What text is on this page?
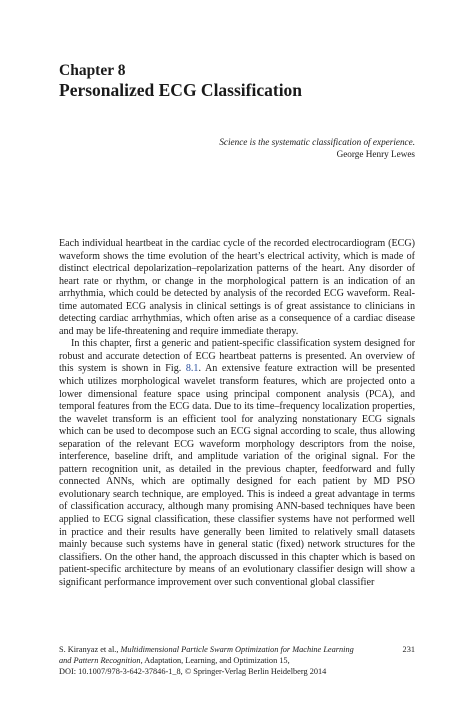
Chapter 8
Personalized ECG Classification
Science is the systematic classification of experience.
George Henry Lewes

Each individual heartbeat in the cardiac cycle of the recorded electrocardiogram (ECG) waveform shows the time evolution of the heart’s electrical activity, which is made of distinct electrical depolarization–repolarization patterns of the heart. Any disorder of heart rate or rhythm, or change in the morphological pattern is an indication of an arrhythmia, which could be detected by analysis of the recorded ECG waveform. Real-time automated ECG analysis in clinical settings is of great assistance to clinicians in detecting cardiac arrhythmias, which often arise as a consequence of a cardiac disease and may be life-threatening and require immediate therapy.

In this chapter, first a generic and patient-specific classification system designed for robust and accurate detection of ECG heartbeat patterns is presented. An overview of this system is shown in Fig. 8.1. An extensive feature extraction will be presented which utilizes morphological wavelet transform features, which are projected onto a lower dimensional feature space using principal component analysis (PCA), and temporal features from the ECG data. Due to its time–frequency localization properties, the wavelet transform is an efficient tool for analyzing nonstationary ECG signals which can be used to decompose such an ECG signal according to scale, thus allowing separation of the relevant ECG waveform morphology descriptors from the noise, interference, baseline drift, and amplitude variation of the original signal. For the pattern recognition unit, as detailed in the previous chapter, feedforward and fully connected ANNs, which are optimally designed for each patient by MD PSO evolutionary search technique, are employed. This is indeed a great advantage in terms of classification accuracy, although many promising ANN-based techniques have been applied to ECG signal classification, these classifier systems have not performed well in practice and their results have generally been limited to relatively small datasets mainly because such systems have in general static (fixed) network structures for the classifiers. On the other hand, the approach discussed in this chapter which is based on patient-specific architecture by means of an evolutionary classifier design will show a significant performance improvement over such conventional global classifier

S. Kiranyaz et al., Multidimensional Particle Swarm Optimization for Machine Learning
and Pattern Recognition, Adaptation, Learning, and Optimization 15,
DOI: 10.1007/978-3-642-37846-1_8, © Springer-Verlag Berlin Heidelberg 2014
231
